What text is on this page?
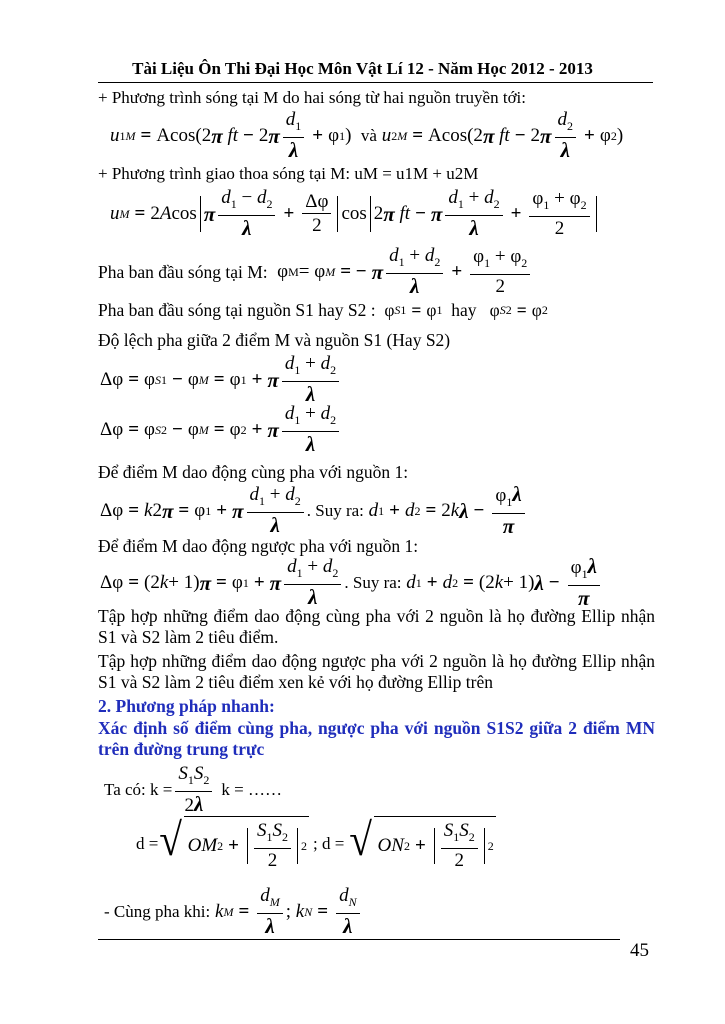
Tài Liệu Ôn Thi Đại Học Môn Vật Lí 12 - Năm Học 2012 - 2013
+ Phương trình sóng tại M do hai sóng từ hai nguồn truyền tới:
u 1M = Acos(2 π
ft − 2 π $\frac{d_1}{\lambda} + \varphi$ 1 ) và
u 2M = Acos(2 π
ft − 2 π $\frac{d_2}{\lambda} + \varphi$ 2 )
+ Phương trình giao thoa sóng tại M: uM = u1M + u2M
u M = 2 A cos π $\frac{d_1 - d_2}{\lambda} + \frac{\Delta\varphi}{2}$ cos
2 π
ft − π $\frac{d_1 + d_2}{\lambda} + \frac{\varphi_1 + \varphi_2}{2}$
Pha ban đầu sóng tại M: φ M = φ M = − π $\frac{d_1 + d_2}{\lambda} + \frac{\varphi_1 + \varphi_2}{2}$
Pha ban đầu sóng tại nguồn S1 hay S2 : φ S1 = φ 1
hay φ S2 = φ 2
Độ lệch pha giữa 2 điểm M và nguồn S1 (Hay S2)
Δφ = φ S1 − φ M = φ 1 + π $\frac{d_1 + d_2}{\lambda}$
Δφ = φ S2 − φ M = φ 2 + π $\frac{d_1 + d_2}{\lambda}$
Để điểm M dao động cùng pha với nguồn 1:
Δφ = k 2 π = φ 1 + π $\frac{d_1 + d_2}{\lambda}$ . Suy ra:
d 1 + d 2 = 2 k $\lambda - \frac{\varphi_1\lambda}{\pi}$
Để điểm M dao động ngược pha với nguồn 1:
Δφ = (2 k + 1) π = φ 1 + π $\frac{d_1 + d_2}{\lambda}$ . Suy ra:
d 1 + d 2 = (2 k + 1) $\lambda - \frac{\varphi_1\lambda}{\pi}$
Tập hợp những điểm dao động cùng pha với 2 nguồn là họ đường Ellip nhận S1 và S2 làm 2 tiêu điểm.
Tập hợp những điểm dao động ngược pha với 2 nguồn là họ đường Ellip nhận S1 và S2 làm 2 tiêu điểm xen kẻ với họ đường Ellip trên
2. Phương pháp nhanh:
Xác định số điểm cùng pha, ngược pha với nguồn S1S2 giữa 2 điểm MN trên đường trung trực
Ta có: $k = \frac{S_1S_2}{2\lambda}$ k = ……
d = √ OM $2 + \frac{S_1S_2}{2} 2$ ; d = √ ON $2 + \frac{S_1S_2}{2} 2$
- Cùng pha khi:
k $M = \frac{d_M}{\lambda}$ ; k $N = \frac{d_N}{\lambda}$
45
